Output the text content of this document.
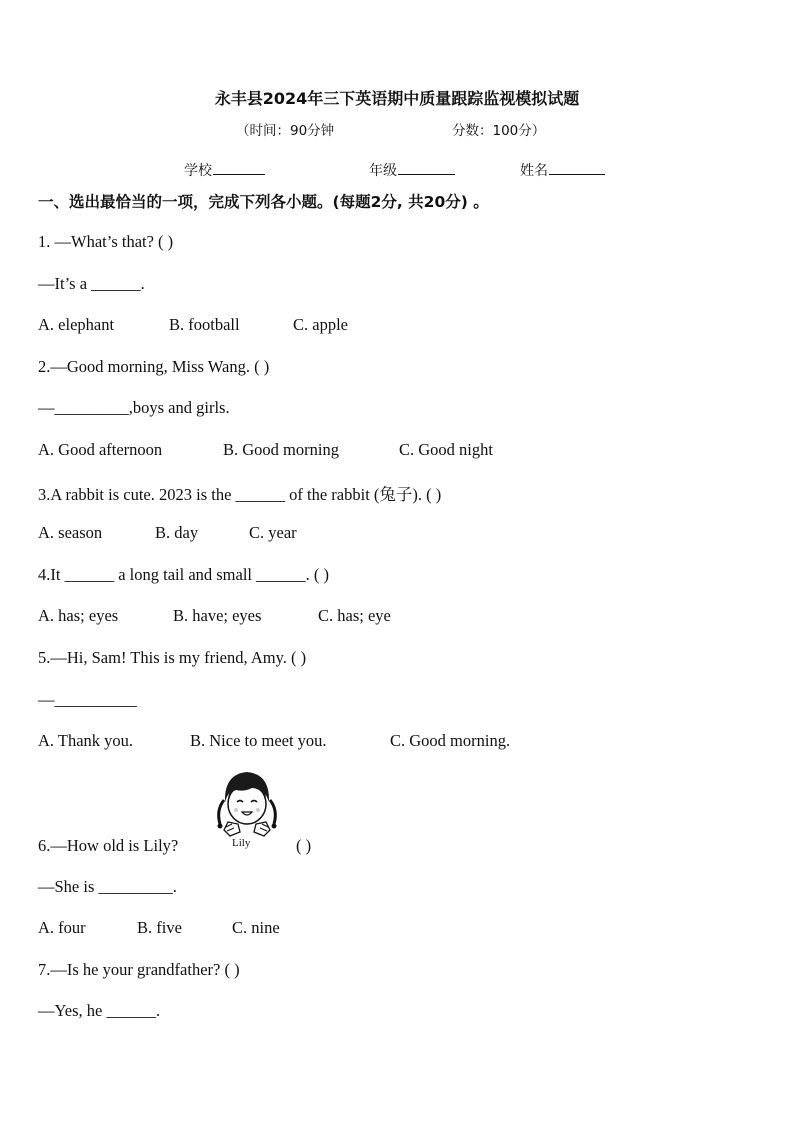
永丰县2024年三下英语期中质量跟踪监视模拟试题
（时间：90分钟	分数：100分）
学校	年级	姓名
一、选出最恰当的一项，完成下列各小题。(每题2分, 共20分) 。
1. —What’s that? ( )
—It’s a ______.
A. elephant	B. football	C. apple
2.—Good morning, Miss Wang. ( )
—_________,boys and girls.
A. Good afternoon	B. Good morning	C. Good night
3.A rabbit is cute. 2023 is the ______ of the rabbit (兔子). ( )
A. season	B. day	C. year
4.It ______ a long tail and small ______. ( )
A. has; eyes	B. have; eyes	C. has; eye
5.—Hi, Sam! This is my friend, Amy. ( )
—__________
A. Thank you.	B. Nice to meet you.	C. Good morning.
Lily
6.—How old is Lily?	( )
—She is _________.
A. four	B. five	C. nine
7.—Is he your grandfather? ( )
—Yes, he ______.
